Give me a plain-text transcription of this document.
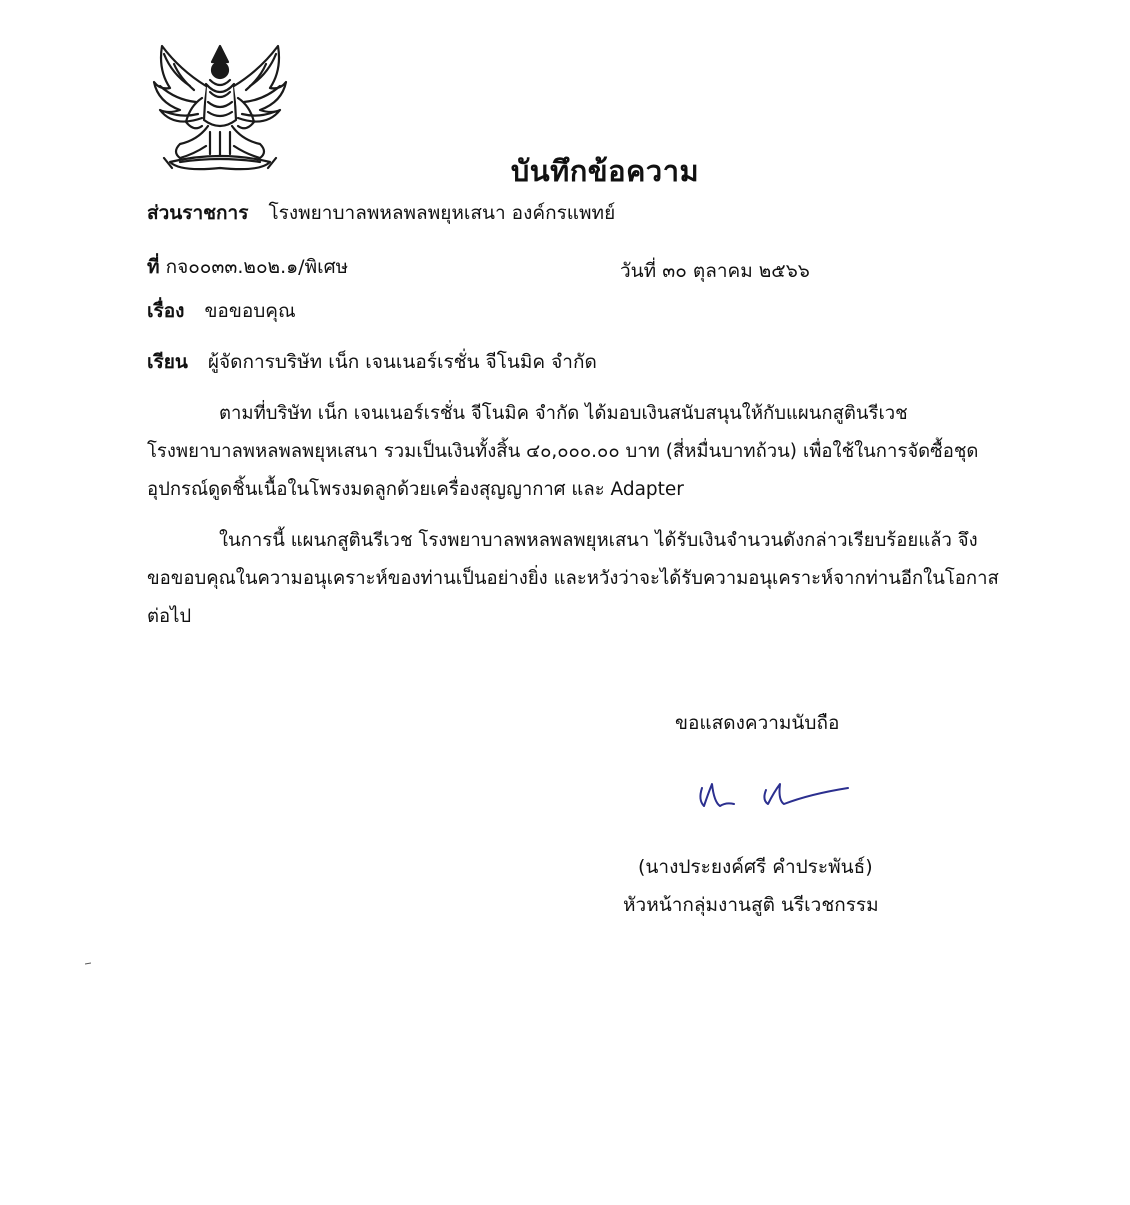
บันทึกข้อความ
ส่วนราชการ โรงพยาบาลพหลพลพยุหเสนา องค์กรแพทย์
ที่ กจ๐๐๓๓.๒๐๒.๑/พิเศษ	วันที่ ๓๐ ตุลาคม ๒๕๖๖
เรื่อง ขอขอบคุณ
เรียน ผู้จัดการบริษัท เน็ก เจนเนอร์เรชั่น จีโนมิค จำกัด
ตามที่บริษัท เน็ก เจนเนอร์เรชั่น จีโนมิค จำกัด ได้มอบเงินสนับสนุนให้กับแผนกสูตินรีเวช
โรงพยาบาลพหลพลพยุหเสนา รวมเป็นเงินทั้งสิ้น ๔๐,๐๐๐.๐๐ บาท (สี่หมื่นบาทถ้วน) เพื่อใช้ในการจัดซื้อชุด
อุปกรณ์ดูดชิ้นเนื้อในโพรงมดลูกด้วยเครื่องสุญญากาศ และ Adapter
ในการนี้ แผนกสูตินรีเวช โรงพยาบาลพหลพลพยุหเสนา ได้รับเงินจำนวนดังกล่าวเรียบร้อยแล้ว จึง
ขอขอบคุณในความอนุเคราะห์ของท่านเป็นอย่างยิ่ง และหวังว่าจะได้รับความอนุเคราะห์จากท่านอีกในโอกาส
ต่อไป
ขอแสดงความนับถือ
(นางประยงค์ศรี คำประพันธ์)
หัวหน้ากลุ่มงานสูติ นรีเวชกรรม
